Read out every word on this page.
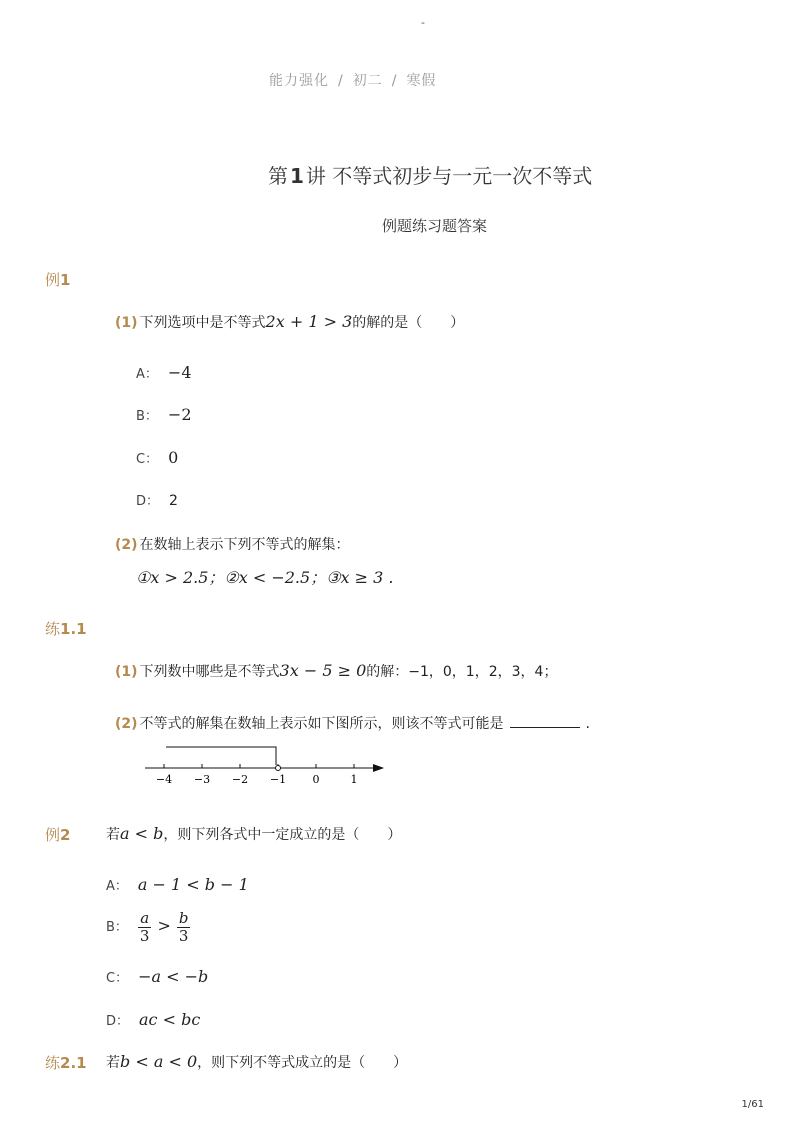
-
能力强化 / 初二 / 寒假
第 1 讲 不等式初步与一元一次不等式
例题练习题答案
例1
(1) 下列选项中是不等式2x + 1 > 3的解的是（　　）
A： −4
B： −2
C： 0
D： 2
(2) 在数轴上表示下列不等式的解集：
①x > 2.5；②x < −2.5；③x ≥ 3 .
练1.1
(1) 下列数中哪些是不等式3x − 5 ≥ 0的解：−1，0，1，2，3，4；
(2) 不等式的解集在数轴上表示如下图所示，则该不等式可能是	.
−4 −3 −2 −1 0	1
例2	若a < b，则下列各式中一定成立的是（　　）
A： a − 1 < b − 1
B： $\frac{a}{3} > \frac{b}{3}$
C： −a < −b
D： ac < bc
练2.1 若b < a < 0，则下列不等式成立的是（　　）
1/61
